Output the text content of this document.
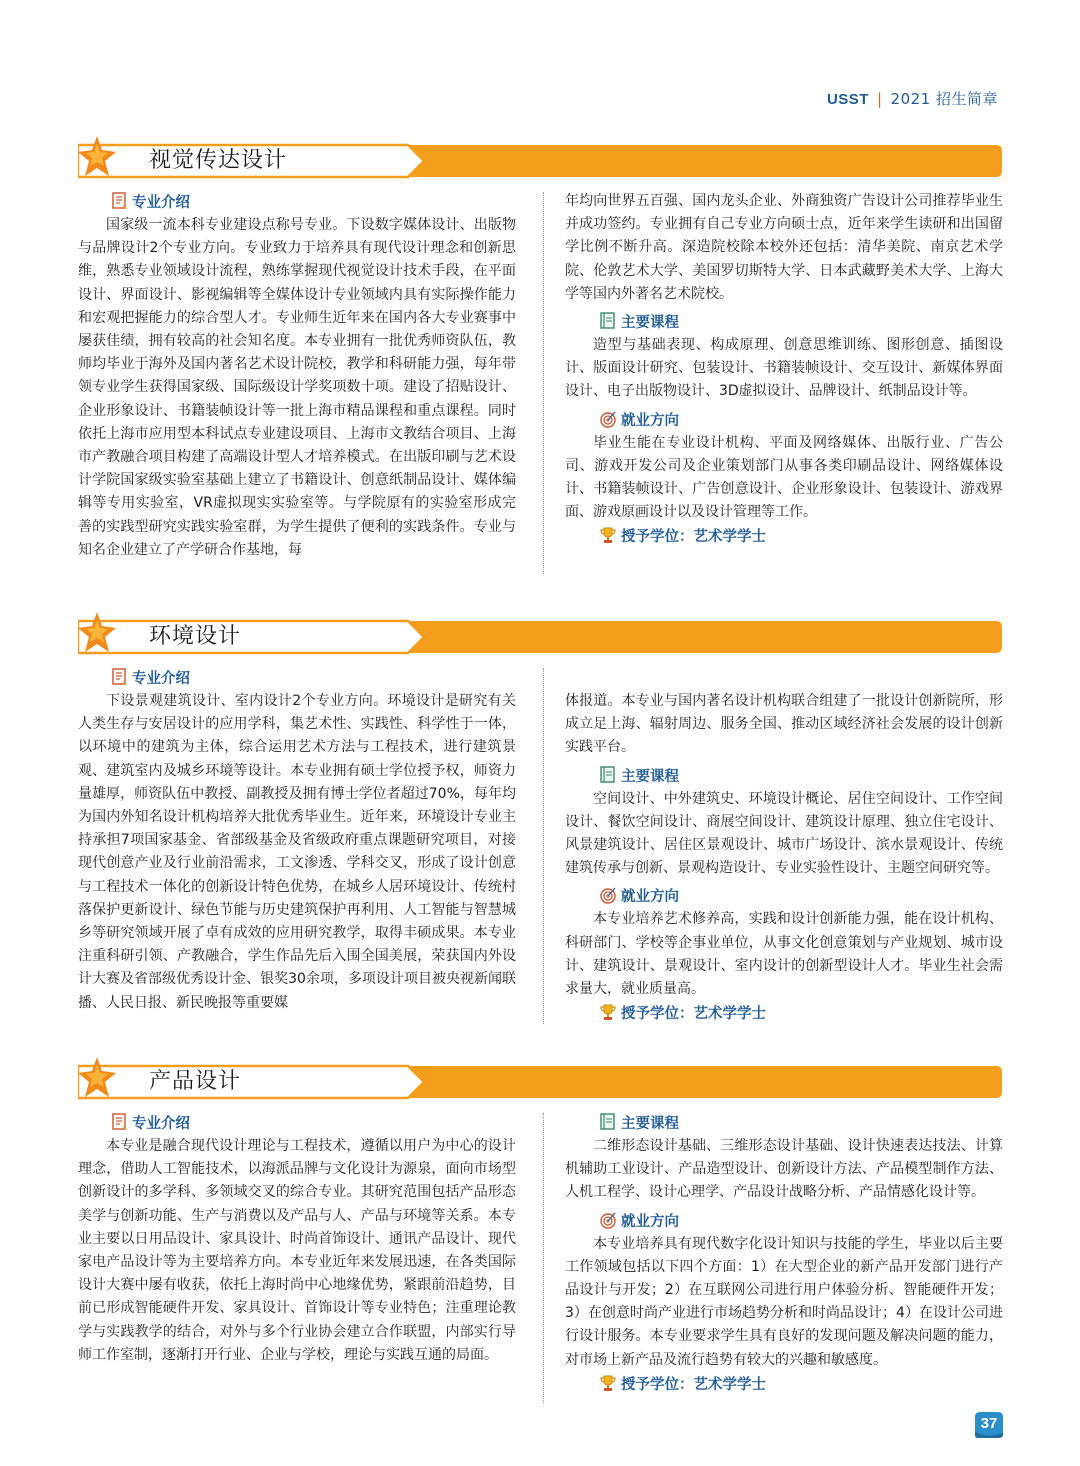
USST | 2021 招生简章
视觉传达设计
专业介绍

国家级一流本科专业建设点称号专业。下设数字媒体设计、出版物与品牌设计2个专业方向。专业致力于培养具有现代设计理念和创新思维，熟悉专业领域设计流程，熟练掌握现代视觉设计技术手段，在平面设计、界面设计、影视编辑等全媒体设计专业领域内具有实际操作能力和宏观把握能力的综合型人才。专业师生近年来在国内各大专业赛事中屡获佳绩，拥有较高的社会知名度。本专业拥有一批优秀师资队伍，教师均毕业于海外及国内著名艺术设计院校，教学和科研能力强，每年带领专业学生获得国家级、国际级设计学奖项数十项。建设了招贴设计、企业形象设计、书籍装帧设计等一批上海市精品课程和重点课程。同时依托上海市应用型本科试点专业建设项目、上海市文教结合项目、上海市产教融合项目构建了高端设计型人才培养模式。在出版印刷与艺术设计学院国家级实验室基础上建立了书籍设计、创意纸制品设计、媒体编辑等专用实验室，VR虚拟现实实验室等。与学院原有的实验室形成完善的实践型研究实践实验室群，为学生提供了便利的实践条件。专业与知名企业建立了产学研合作基地，每

年均向世界五百强、国内龙头企业、外商独资广告设计公司推荐毕业生并成功签约。专业拥有自己专业方向硕士点，近年来学生读研和出国留学比例不断升高。深造院校除本校外还包括：清华美院、南京艺术学院、伦敦艺术大学、美国罗切斯特大学、日本武藏野美术大学、上海大学等国内外著名艺术院校。

主要课程

造型与基础表现、构成原理、创意思维训练、图形创意、插图设计、版面设计研究、包装设计、书籍装帧设计、交互设计、新媒体界面设计、电子出版物设计、3D虚拟设计、品牌设计、纸制品设计等。

就业方向

毕业生能在专业设计机构、平面及网络媒体、出版行业、广告公司、游戏开发公司及企业策划部门从事各类印刷品设计、网络媒体设计、书籍装帧设计、广告创意设计、企业形象设计、包装设计、游戏界面、游戏原画设计以及设计管理等工作。

授予学位：艺术学学士
环境设计
专业介绍

下设景观建筑设计、室内设计2个专业方向。环境设计是研究有关人类生存与安居设计的应用学科，集艺术性、实践性、科学性于一体，以环境中的建筑为主体，综合运用艺术方法与工程技术，进行建筑景观、建筑室内及城乡环境等设计。本专业拥有硕士学位授予权，师资力量雄厚，师资队伍中教授、副教授及拥有博士学位者超过70%，每年均为国内外知名设计机构培养大批优秀毕业生。近年来，环境设计专业主持承担7项国家基金、省部级基金及省级政府重点课题研究项目，对接现代创意产业及行业前沿需求，工文渗透、学科交叉，形成了设计创意与工程技术一体化的创新设计特色优势，在城乡人居环境设计、传统村落保护更新设计、绿色节能与历史建筑保护再利用、人工智能与智慧城乡等研究领域开展了卓有成效的应用研究教学，取得丰硕成果。本专业注重科研引领、产教融合，学生作品先后入围全国美展，荣获国内外设计大赛及省部级优秀设计金、银奖30余项，多项设计项目被央视新闻联播、人民日报、新民晚报等重要媒

体报道。本专业与国内著名设计机构联合组建了一批设计创新院所，形成立足上海、辐射周边、服务全国、推动区域经济社会发展的设计创新实践平台。

主要课程

空间设计、中外建筑史、环境设计概论、居住空间设计、工作空间设计、餐饮空间设计、商展空间设计、建筑设计原理、独立住宅设计、风景建筑设计、居住区景观设计、城市广场设计、滨水景观设计、传统建筑传承与创新、景观构造设计、专业实验性设计、主题空间研究等。

就业方向

本专业培养艺术修养高，实践和设计创新能力强，能在设计机构、科研部门、学校等企事业单位，从事文化创意策划与产业规划、城市设计、建筑设计、景观设计、室内设计的创新型设计人才。毕业生社会需求量大，就业质量高。

授予学位：艺术学学士
产品设计
专业介绍

本专业是融合现代设计理论与工程技术，遵循以用户为中心的设计理念，借助人工智能技术，以海派品牌与文化设计为源泉，面向市场型创新设计的多学科、多领域交叉的综合专业。其研究范围包括产品形态美学与创新功能、生产与消费以及产品与人、产品与环境等关系。本专业主要以日用品设计、家具设计、时尚首饰设计、通讯产品设计、现代家电产品设计等为主要培养方向。本专业近年来发展迅速，在各类国际设计大赛中屡有收获，依托上海时尚中心地缘优势，紧跟前沿趋势，目前已形成智能硬件开发、家具设计、首饰设计等专业特色；注重理论教学与实践教学的结合，对外与多个行业协会建立合作联盟，内部实行导师工作室制，逐渐打开行业、企业与学校，理论与实践互通的局面。

主要课程

二维形态设计基础、三维形态设计基础、设计快速表达技法、计算机辅助工业设计、产品造型设计、创新设计方法、产品模型制作方法、人机工程学、设计心理学、产品设计战略分析、产品情感化设计等。

就业方向

本专业培养具有现代数字化设计知识与技能的学生，毕业以后主要工作领域包括以下四个方面：1）在大型企业的新产品开发部门进行产品设计与开发；2）在互联网公司进行用户体验分析、智能硬件开发；3）在创意时尚产业进行市场趋势分析和时尚品设计；4）在设计公司进行设计服务。本专业要求学生具有良好的发现问题及解决问题的能力，对市场上新产品及流行趋势有较大的兴趣和敏感度。

授予学位：艺术学学士
37
